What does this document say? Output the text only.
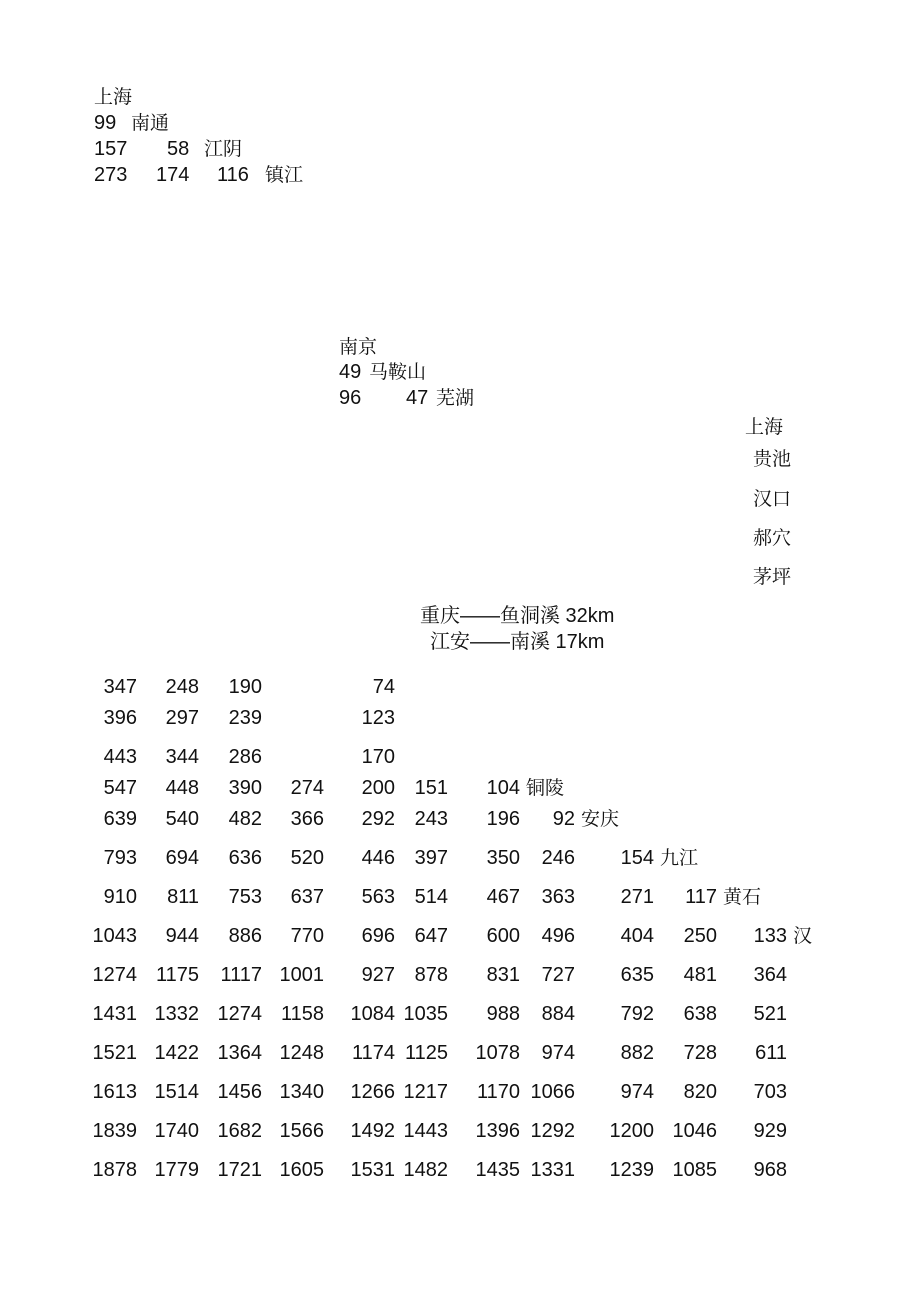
上海
99 南通
157 58 江阴
273 174 116 镇江
南京
49 马鞍山
96 47 芜湖
上海
贵池
汉口
郝穴
茅坪
重庆——鱼洞溪 32km
江安——南溪 17km
347 248 190	74
396 297 239	123
443 344 286	170
547 448 390 274 200 151 104 铜陵
639 540 482 366 292 243 196 92 安庆
793 694 636 520 446 397 350 246 154 九江
910 811 753 637 563 514 467 363 271 117 黄石
1043 944 886 770 696 647 600 496 404 250 133 汉
1274 1175 1117 1001 927 878 831 727 635 481 364
1431 1332 1274 1158 1084 1035 988 884 792 638 521
1521 1422 1364 1248 1174 1125 1078 974 882 728 611
1613 1514 1456 1340 1266 1217 1170 1066 974 820 703
1839 1740 1682 1566 1492 1443 1396 1292 1200 1046 929
1878 1779 1721 1605 1531 1482 1435 1331 1239 1085 968
